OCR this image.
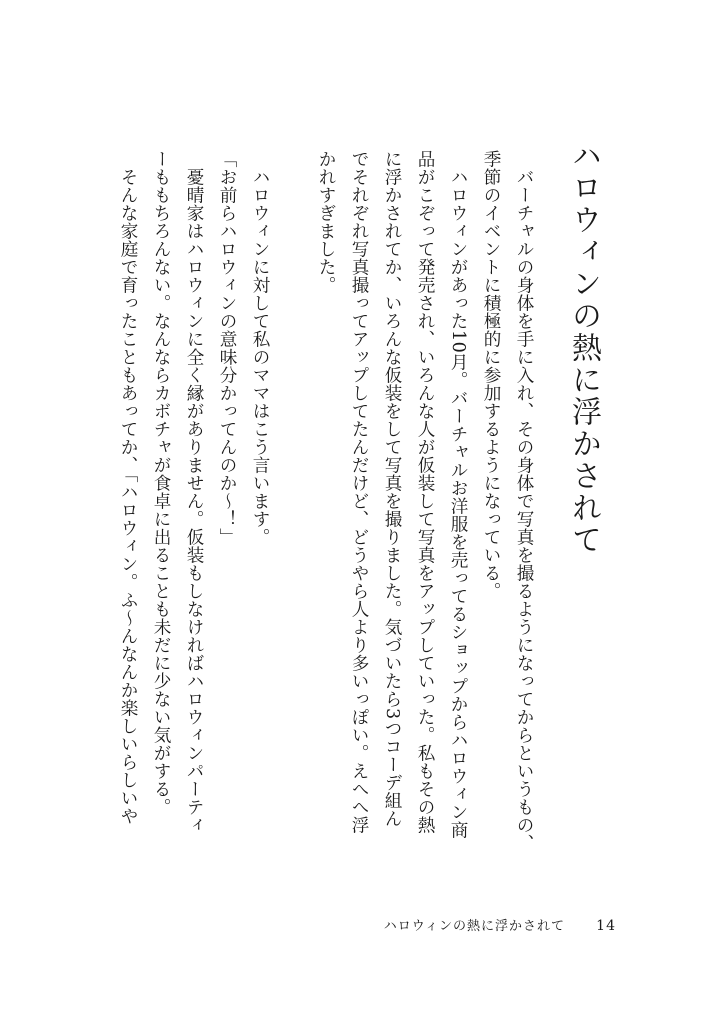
ハロウィンの熱に浮かされて

　バーチャルの身体を手に入れ、その身体で写真を撮るようになってからというもの、

季節のイベントに積極的に参加するようになっている。

　ハロウィンがあった10月。バーチャルお洋服を売ってるショップからハロウィン商

品がこぞって発売され、いろんな人が仮装して写真をアップしていった。私もその熱

に浮かされてか、いろんな仮装をして写真を撮りました。気づいたら3つコーデ組ん

でそれぞれ写真撮ってアップしてたんだけど、どうやら人より多いっぽい。えへへ浮

かれすぎました。

　ハロウィンに対して私のママはこう言います。

「お前らハロウィンの意味分かってんのか〜！」

　憂晴家はハロウィンに全く縁がありません。仮装もしなければハロウィンパーティ

ーももちろんない。なんならカボチャが食卓に出ることも未だに少ない気がする。

　そんな家庭で育ったこともあってか、「ハロウィン。ふ〜んなんか楽しいらしいや

ハロウィンの熱に浮かされて 14
